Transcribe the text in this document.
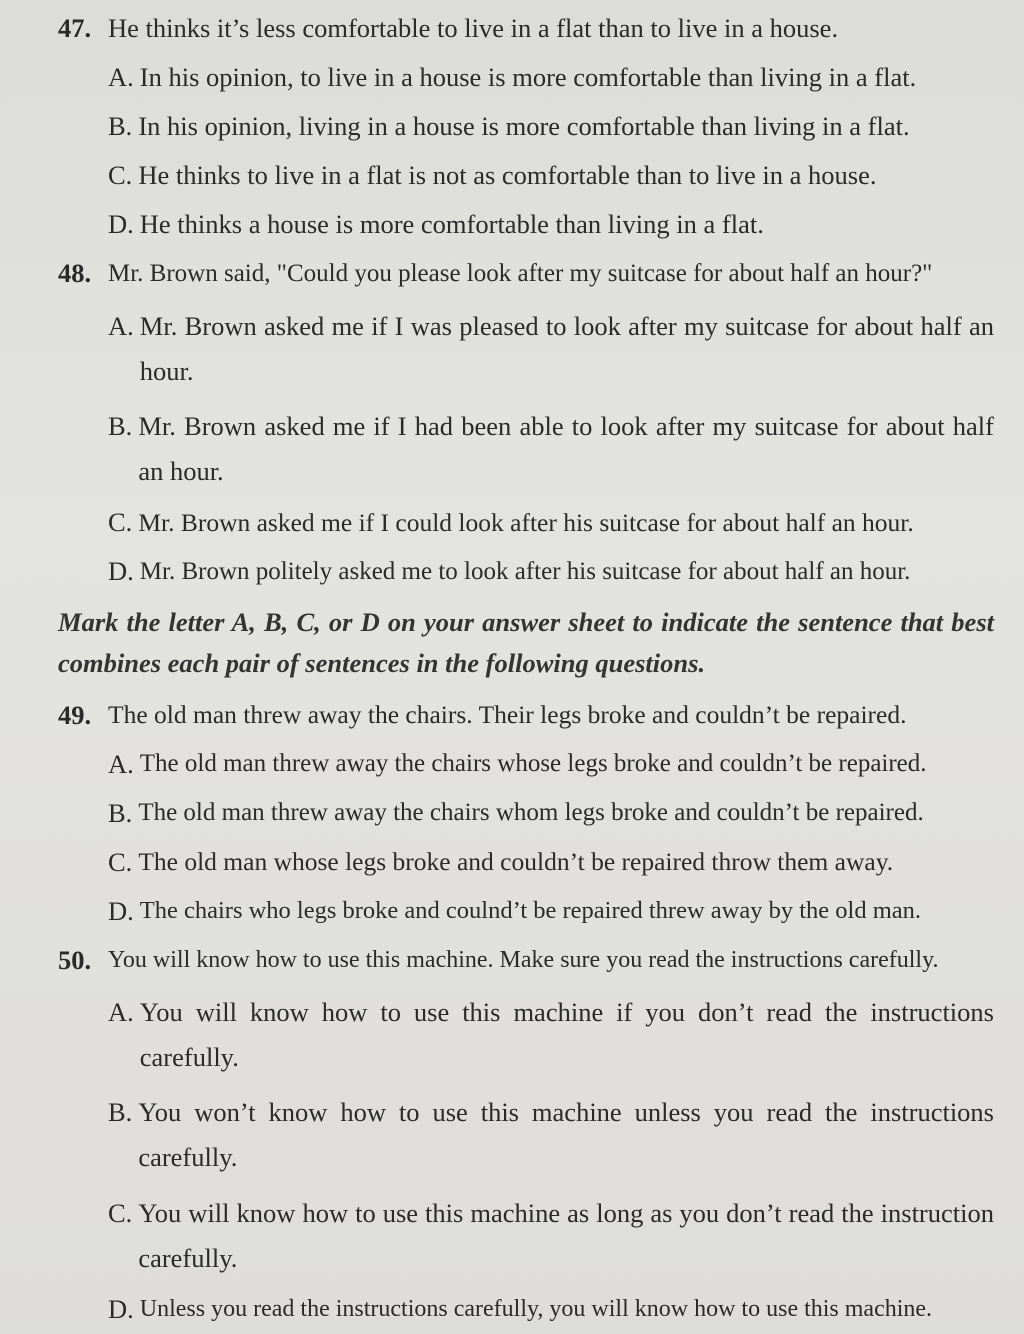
47. He thinks it’s less comfortable to live in a flat than to live in a house.
A. In his opinion, to live in a house is more comfortable than living in a flat.
B. In his opinion, living in a house is more comfortable than living in a flat.
C. He thinks to live in a flat is not as comfortable than to live in a house.
D. He thinks a house is more comfortable than living in a flat.
48. Mr. Brown said, "Could you please look after my suitcase for about half an hour?"
A. Mr. Brown asked me if I was pleased to look after my suitcase for about half an hour.
B. Mr. Brown asked me if I had been able to look after my suitcase for about half an hour.
C. Mr. Brown asked me if I could look after his suitcase for about half an hour.
D. Mr. Brown politely asked me to look after his suitcase for about half an hour.
Mark the letter A, B, C, or D on your answer sheet to indicate the sentence that best combines each pair of sentences in the following questions.
49. The old man threw away the chairs. Their legs broke and couldn’t be repaired.
A. The old man threw away the chairs whose legs broke and couldn’t be repaired.
B. The old man threw away the chairs whom legs broke and couldn’t be repaired.
C. The old man whose legs broke and couldn’t be repaired throw them away.
D. The chairs who legs broke and coulnd’t be repaired threw away by the old man.
50. You will know how to use this machine. Make sure you read the instructions carefully.
A. You will know how to use this machine if you don’t read the instructions carefully.
B. You won’t know how to use this machine unless you read the instructions carefully.
C. You will know how to use this machine as long as you don’t read the instruction carefully.
D. Unless you read the instructions carefully, you will know how to use this machine.
